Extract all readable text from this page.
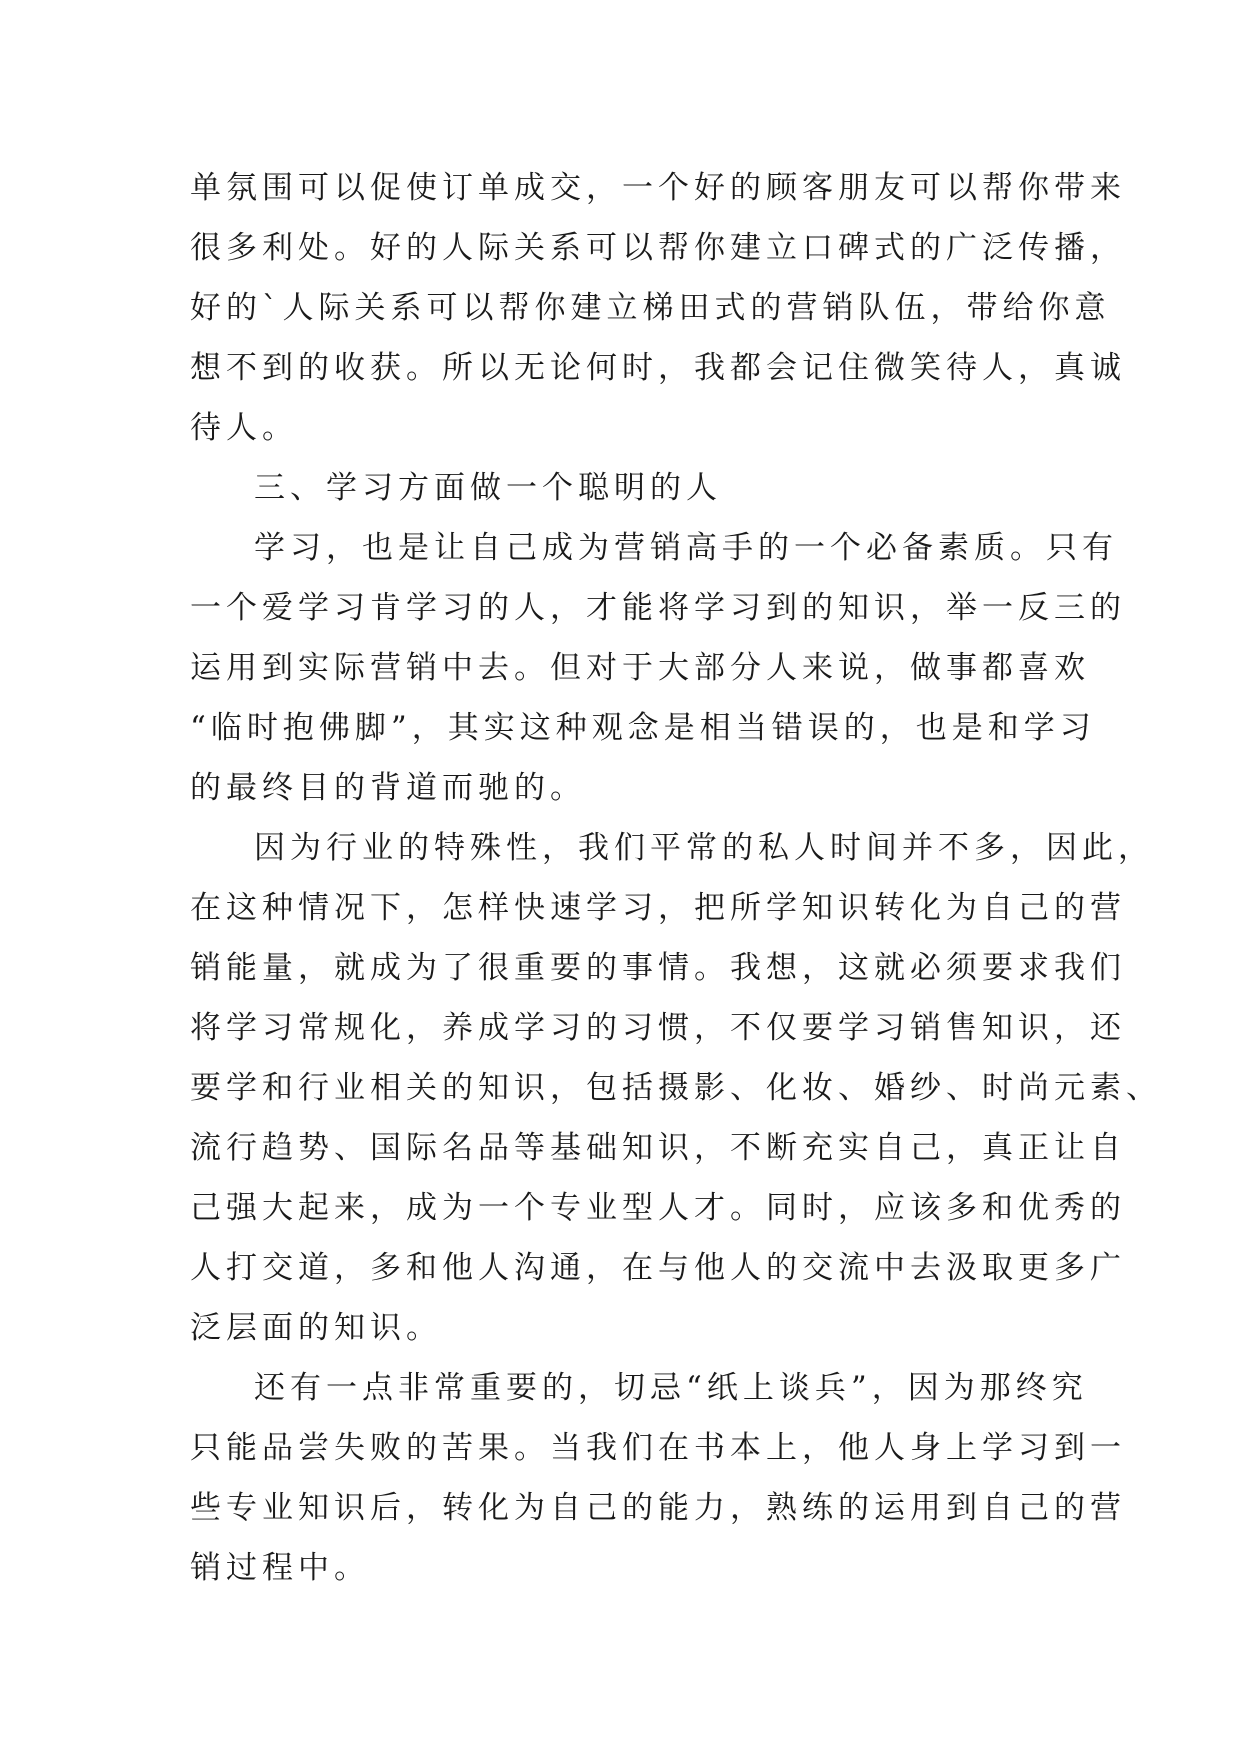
单氛围可以促使订单成交，一个好的顾客朋友可以帮你带来
很多利处。好的人际关系可以帮你建立口碑式的广泛传播，
好的`人际关系可以帮你建立梯田式的营销队伍，带给你意
想不到的收获。所以无论何时，我都会记住微笑待人，真诚
待人。
三、学习方面做一个聪明的人
学习，也是让自己成为营销高手的一个必备素质。只有
一个爱学习肯学习的人，才能将学习到的知识，举一反三的
运用到实际营销中去。但对于大部分人来说，做事都喜欢
“临时抱佛脚”，其实这种观念是相当错误的，也是和学习
的最终目的背道而驰的。
因为行业的特殊性，我们平常的私人时间并不多，因此，
在这种情况下，怎样快速学习，把所学知识转化为自己的营
销能量，就成为了很重要的事情。我想，这就必须要求我们
将学习常规化，养成学习的习惯，不仅要学习销售知识，还
要学和行业相关的知识，包括摄影、化妆、婚纱、时尚元素、
流行趋势、国际名品等基础知识，不断充实自己，真正让自
己强大起来，成为一个专业型人才。同时，应该多和优秀的
人打交道，多和他人沟通，在与他人的交流中去汲取更多广
泛层面的知识。
还有一点非常重要的，切忌“纸上谈兵”，因为那终究
只能品尝失败的苦果。当我们在书本上，他人身上学习到一
些专业知识后，转化为自己的能力，熟练的运用到自己的营
销过程中。
